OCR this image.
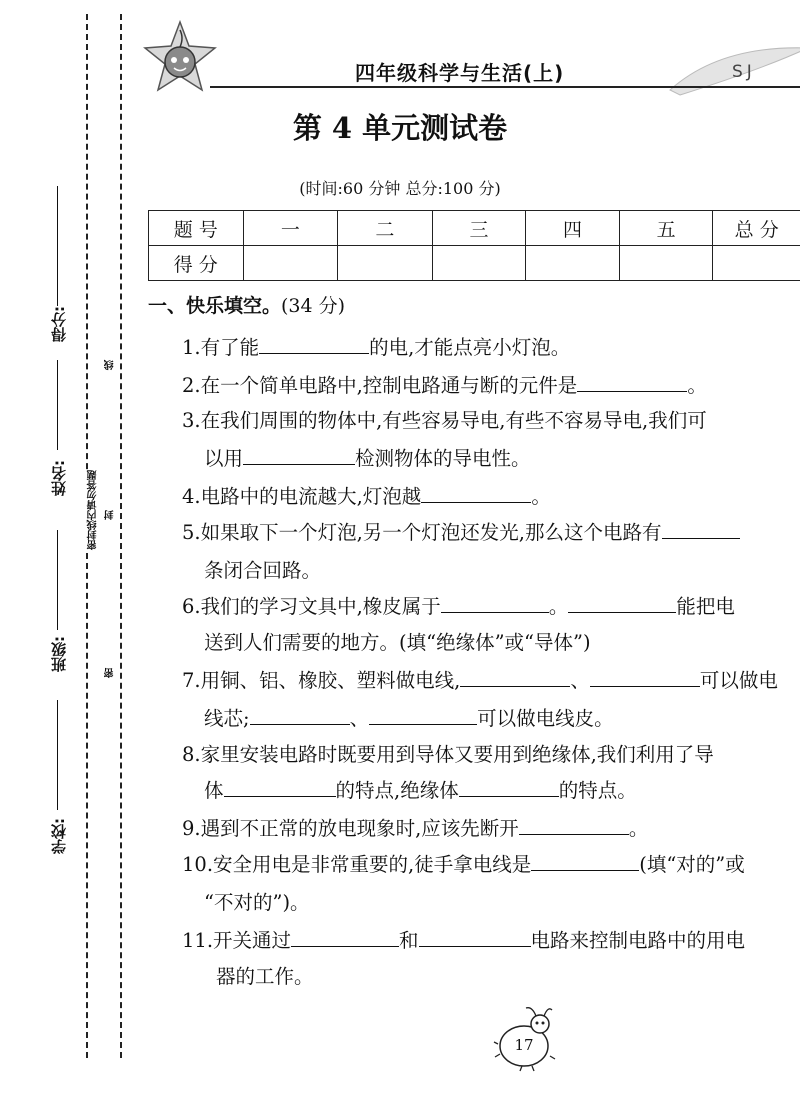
得分:
姓名:
班级:
学校:
线
密封线内请勿答题 封
密
四年级科学与生活(上)	SJ
第 4 单元测试卷
(时间:60 分钟 总分:100 分)
题 号	一	二	三	四	五	总 分
得 分						
一、快乐填空。(34 分)
1.有了能	的电,才能点亮小灯泡。
2.在一个简单电路中,控制电路通与断的元件是	。
3.在我们周围的物体中,有些容易导电,有些不容易导电,我们可
以用	检测物体的导电性。
4.电路中的电流越大,灯泡越	。
5.如果取下一个灯泡,另一个灯泡还发光,那么这个电路有
条闭合回路。
6.我们的学习文具中,橡皮属于	。	能把电
送到人们需要的地方。(填“绝缘体”或“导体”)
7.用铜、铝、橡胶、塑料做电线,	、	可以做电
线芯;	、	可以做电线皮。
8.家里安装电路时既要用到导体又要用到绝缘体,我们利用了导
体	的特点,绝缘体	的特点。
9.遇到不正常的放电现象时,应该先断开	。
10.安全用电是非常重要的,徒手拿电线是	(填“对的”或
“不对的”)。
11.开关通过	和	电路来控制电路中的用电
器的工作。
17
